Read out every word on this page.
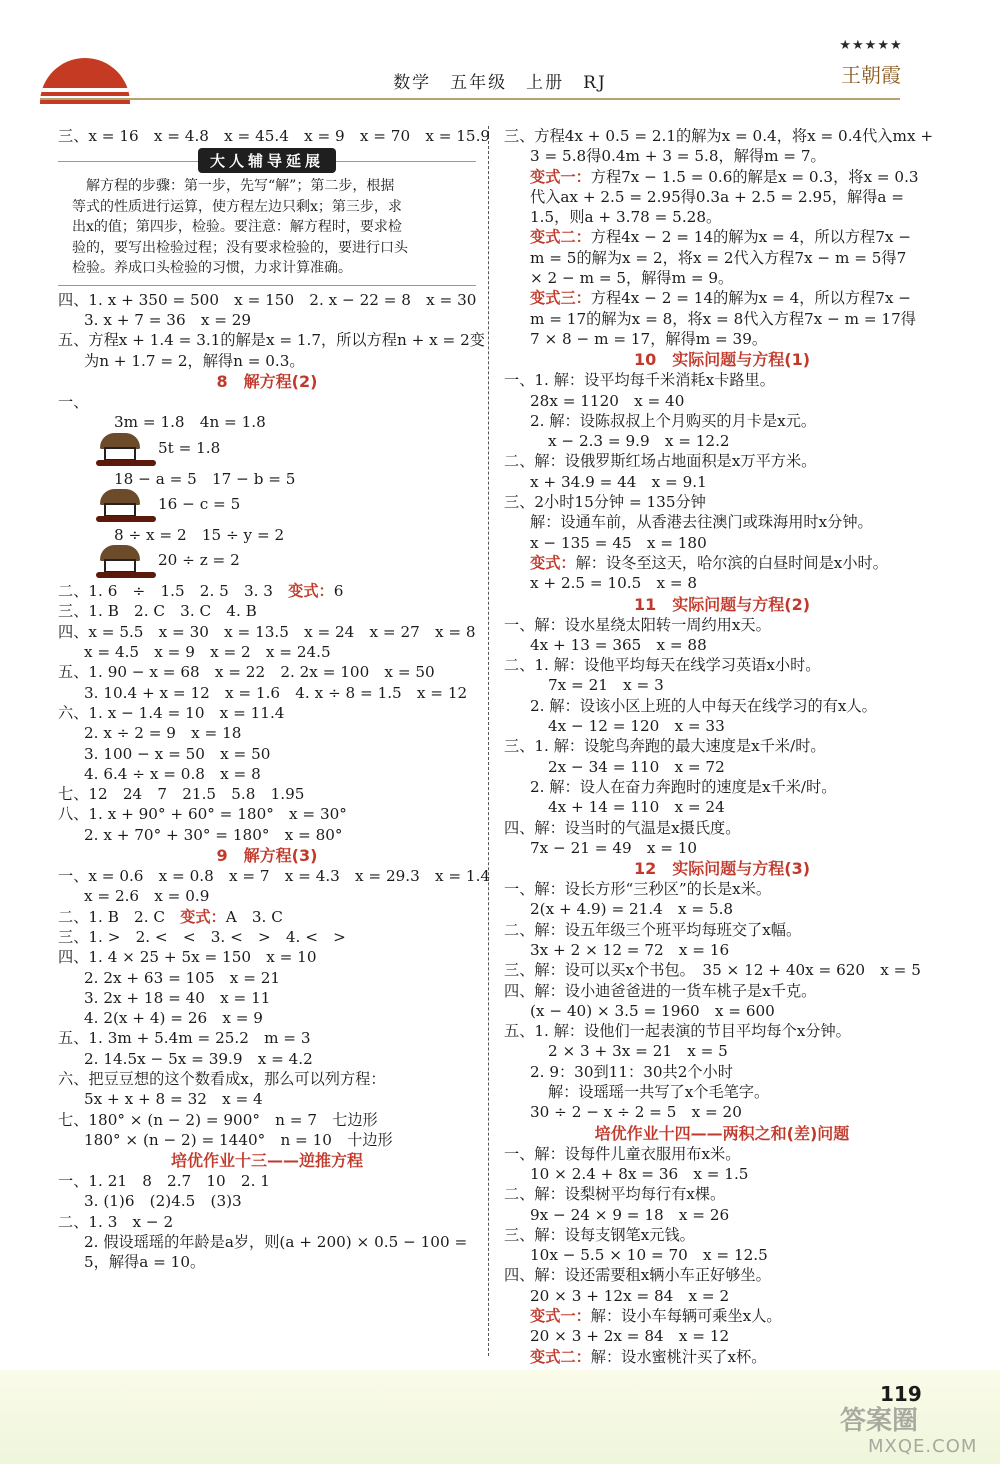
数学　五年级　上册　RJ
★★★★★
王朝霞
三、x = 16　x = 4.8　x = 45.4　x = 9　x = 70　x = 15.9
大人辅导延展
　解方程的步骤：第一步，先写“解”；第二步，根据
等式的性质进行运算，使方程左边只剩x；第三步，求
出x的值；第四步，检验。要注意：解方程时，要求检
验的，要写出检验过程；没有要求检验的，要进行口头
检验。养成口头检验的习惯，力求计算准确。
四、1. x + 350 = 500　x = 150　2. x − 22 = 8　x = 30
3. x + 7 = 36　x = 29
五、方程x + 1.4 = 3.1的解是x = 1.7，所以方程n + x = 2变
为n + 1.7 = 2，解得n = 0.3。
8　解方程(2)
一、
3m = 1.8　4n = 1.8
5t = 1.8
18 − a = 5　17 − b = 5
16 − c = 5
8 ÷ x = 2　15 ÷ y = 2
20 ÷ z = 2
二、1. 6　÷　1.5　2. 5　3. 3　变式：6
三、1. B　2. C　3. C　4. B
四、x = 5.5　x = 30　x = 13.5　x = 24　x = 27　x = 8
x = 4.5　x = 9　x = 2　x = 24.5
五、1. 90 − x = 68　x = 22　2. 2x = 100　x = 50
3. 10.4 + x = 12　x = 1.6　4. x ÷ 8 = 1.5　x = 12
六、1. x − 1.4 = 10　x = 11.4
2. x ÷ 2 = 9　x = 18
3. 100 − x = 50　x = 50
4. 6.4 ÷ x = 0.8　x = 8
七、12　24　7　21.5　5.8　1.95
八、1. x + 90° + 60° = 180°　x = 30°
2. x + 70° + 30° = 180°　x = 80°
9　解方程(3)
一、x = 0.6　x = 0.8　x = 7　x = 4.3　x = 29.3　x = 1.4
x = 2.6　x = 0.9
二、1. B　2. C　变式：A　3. C
三、1. >　2. <　<　3. <　>　4. <　>
四、1. 4 × 25 + 5x = 150　x = 10
2. 2x + 63 = 105　x = 21
3. 2x + 18 = 40　x = 11
4. 2(x + 4) = 26　x = 9
五、1. 3m + 5.4m = 25.2　m = 3
2. 14.5x − 5x = 39.9　x = 4.2
六、把豆豆想的这个数看成x，那么可以列方程：
5x + x + 8 = 32　x = 4
七、180° × (n − 2) = 900°　n = 7　七边形
180° × (n − 2) = 1440°　n = 10　十边形
培优作业十三——逆推方程
一、1. 21　8　2.7　10　2. 1
3. (1)6　(2)4.5　(3)3
二、1. 3　x − 2
2. 假设瑶瑶的年龄是a岁，则(a + 200) × 0.5 − 100 =
5，解得a = 10。
三、方程4x + 0.5 = 2.1的解为x = 0.4，将x = 0.4代入mx +
3 = 5.8得0.4m + 3 = 5.8，解得m = 7。
变式一：方程7x − 1.5 = 0.6的解是x = 0.3，将x = 0.3
代入ax + 2.5 = 2.95得0.3a + 2.5 = 2.95，解得a =
1.5，则a + 3.78 = 5.28。
变式二：方程4x − 2 = 14的解为x = 4，所以方程7x −
m = 5的解为x = 2，将x = 2代入方程7x − m = 5得7
× 2 − m = 5，解得m = 9。
变式三：方程4x − 2 = 14的解为x = 4，所以方程7x −
m = 17的解为x = 8，将x = 8代入方程7x − m = 17得
7 × 8 − m = 17，解得m = 39。
10　实际问题与方程(1)
一、1. 解：设平均每千米消耗x卡路里。
28x = 1120　x = 40
2. 解：设陈叔叔上个月购买的月卡是x元。
x − 2.3 = 9.9　x = 12.2
二、解：设俄罗斯红场占地面积是x万平方米。
x + 34.9 = 44　x = 9.1
三、2小时15分钟 = 135分钟
解：设通车前，从香港去往澳门或珠海用时x分钟。
x − 135 = 45　x = 180
变式：解：设冬至这天，哈尔滨的白昼时间是x小时。
x + 2.5 = 10.5　x = 8
11　实际问题与方程(2)
一、解：设水星绕太阳转一周约用x天。
4x + 13 = 365　x = 88
二、1. 解：设他平均每天在线学习英语x小时。
7x = 21　x = 3
2. 解：设该小区上班的人中每天在线学习的有x人。
4x − 12 = 120　x = 33
三、1. 解：设鸵鸟奔跑的最大速度是x千米/时。
2x − 34 = 110　x = 72
2. 解：设人在奋力奔跑时的速度是x千米/时。
4x + 14 = 110　x = 24
四、解：设当时的气温是x摄氏度。
7x − 21 = 49　x = 10
12　实际问题与方程(3)
一、解：设长方形“三秒区”的长是x米。
2(x + 4.9) = 21.4　x = 5.8
二、解：设五年级三个班平均每班交了x幅。
3x + 2 × 12 = 72　x = 16
三、解：设可以买x个书包。　35 × 12 + 40x = 620　x = 5
四、解：设小迪爸爸进的一货车桃子是x千克。
(x − 40) × 3.5 = 1960　x = 600
五、1. 解：设他们一起表演的节目平均每个x分钟。
2 × 3 + 3x = 21　x = 5
2. 9：30到11：30共2个小时
解：设瑶瑶一共写了x个毛笔字。
30 ÷ 2 − x ÷ 2 = 5　x = 20
培优作业十四——两积之和(差)问题
一、解：设每件儿童衣服用布x米。
10 × 2.4 + 8x = 36　x = 1.5
二、解：设梨树平均每行有x棵。
9x − 24 × 9 = 18　x = 26
三、解：设每支钢笔x元钱。
10x − 5.5 × 10 = 70　x = 12.5
四、解：设还需要租x辆小车正好够坐。
20 × 3 + 12x = 84　x = 2
变式一：解：设小车每辆可乘坐x人。
20 × 3 + 2x = 84　x = 12
变式二：解：设水蜜桃汁买了x杯。
119
答案圈
MXQE.COM
